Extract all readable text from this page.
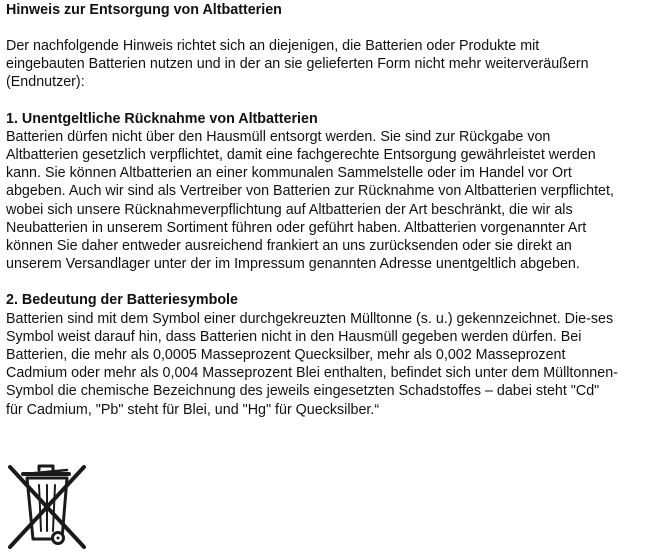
Hinweis zur Entsorgung von Altbatterien

Der nachfolgende Hinweis richtet sich an diejenigen, die Batterien oder Produkte mit
eingebauten Batterien nutzen und in der an sie gelieferten Form nicht mehr weiterveräußern
(Endnutzer):

1. Unentgeltliche Rücknahme von Altbatterien

Batterien dürfen nicht über den Hausmüll entsorgt werden. Sie sind zur Rückgabe von
Altbatterien gesetzlich verpflichtet, damit eine fachgerechte Entsorgung gewährleistet werden
kann. Sie können Altbatterien an einer kommunalen Sammelstelle oder im Handel vor Ort
abgeben. Auch wir sind als Vertreiber von Batterien zur Rücknahme von Altbatterien verpflichtet,
wobei sich unsere Rücknahmeverpflichtung auf Altbatterien der Art beschränkt, die wir als
Neubatterien in unserem Sortiment führen oder geführt haben. Altbatterien vorgenannter Art
können Sie daher entweder ausreichend frankiert an uns zurücksenden oder sie direkt an
unserem Versandlager unter der im Impressum genannten Adresse unentgeltlich abgeben.

2. Bedeutung der Batteriesymbole

Batterien sind mit dem Symbol einer durchgekreuzten Mülltonne (s. u.) gekennzeichnet. Die-ses
Symbol weist darauf hin, dass Batterien nicht in den Hausmüll gegeben werden dürfen. Bei
Batterien, die mehr als 0,0005 Masseprozent Quecksilber, mehr als 0,002 Masseprozent
Cadmium oder mehr als 0,004 Masseprozent Blei enthalten, befindet sich unter dem Mülltonnen-
Symbol die chemische Bezeichnung des jeweils eingesetzten Schadstoffes – dabei steht "Cd"
für Cadmium, "Pb" steht für Blei, und "Hg" für Quecksilber.“
